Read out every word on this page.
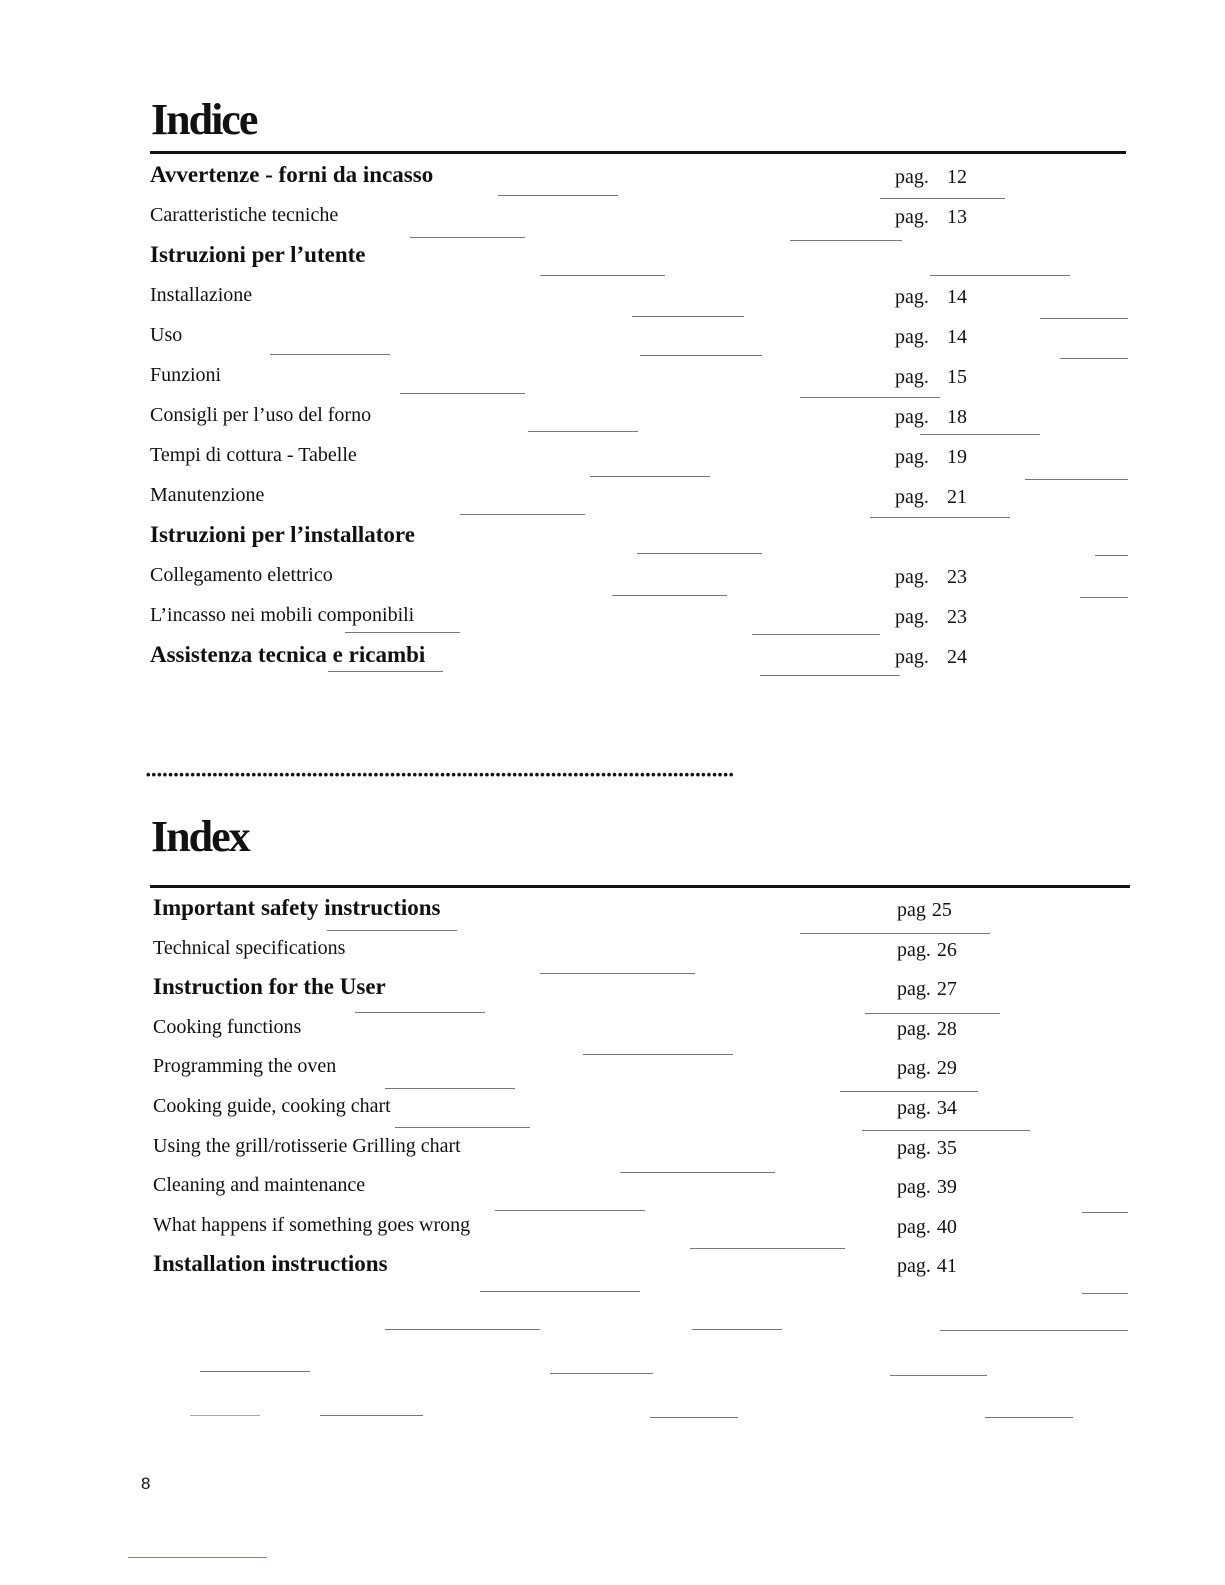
Indice
Avvertenze - forni da incasso	pag. 12
Caratteristiche tecniche	pag. 13
Istruzioni per l’utente
Installazione	pag. 14
Uso	pag. 14
Funzioni	pag. 15
Consigli per l’uso del forno	pag. 18
Tempi di cottura - Tabelle	pag. 19
Manutenzione	pag. 21
Istruzioni per l’installatore
Collegamento elettrico	pag. 23
L’incasso nei mobili componibili	pag. 23
Assistenza tecnica e ricambi	pag. 24
••••••••••••••••••••••••••••••••••••••••••••••••••••••••••••••••••••••••••••••••••••••••••••••••••••••••••
Index
Important safety instructions	pag 25
Technical specifications	pag. 26
Instruction for the User	pag. 27
Cooking functions	pag. 28
Programming the oven	pag. 29
Cooking guide, cooking chart	pag. 34
Using the grill/rotisserie Grilling chart	pag. 35
Cleaning and maintenance	pag. 39
What happens if something goes wrong	pag. 40
Installation instructions	pag. 41

8
